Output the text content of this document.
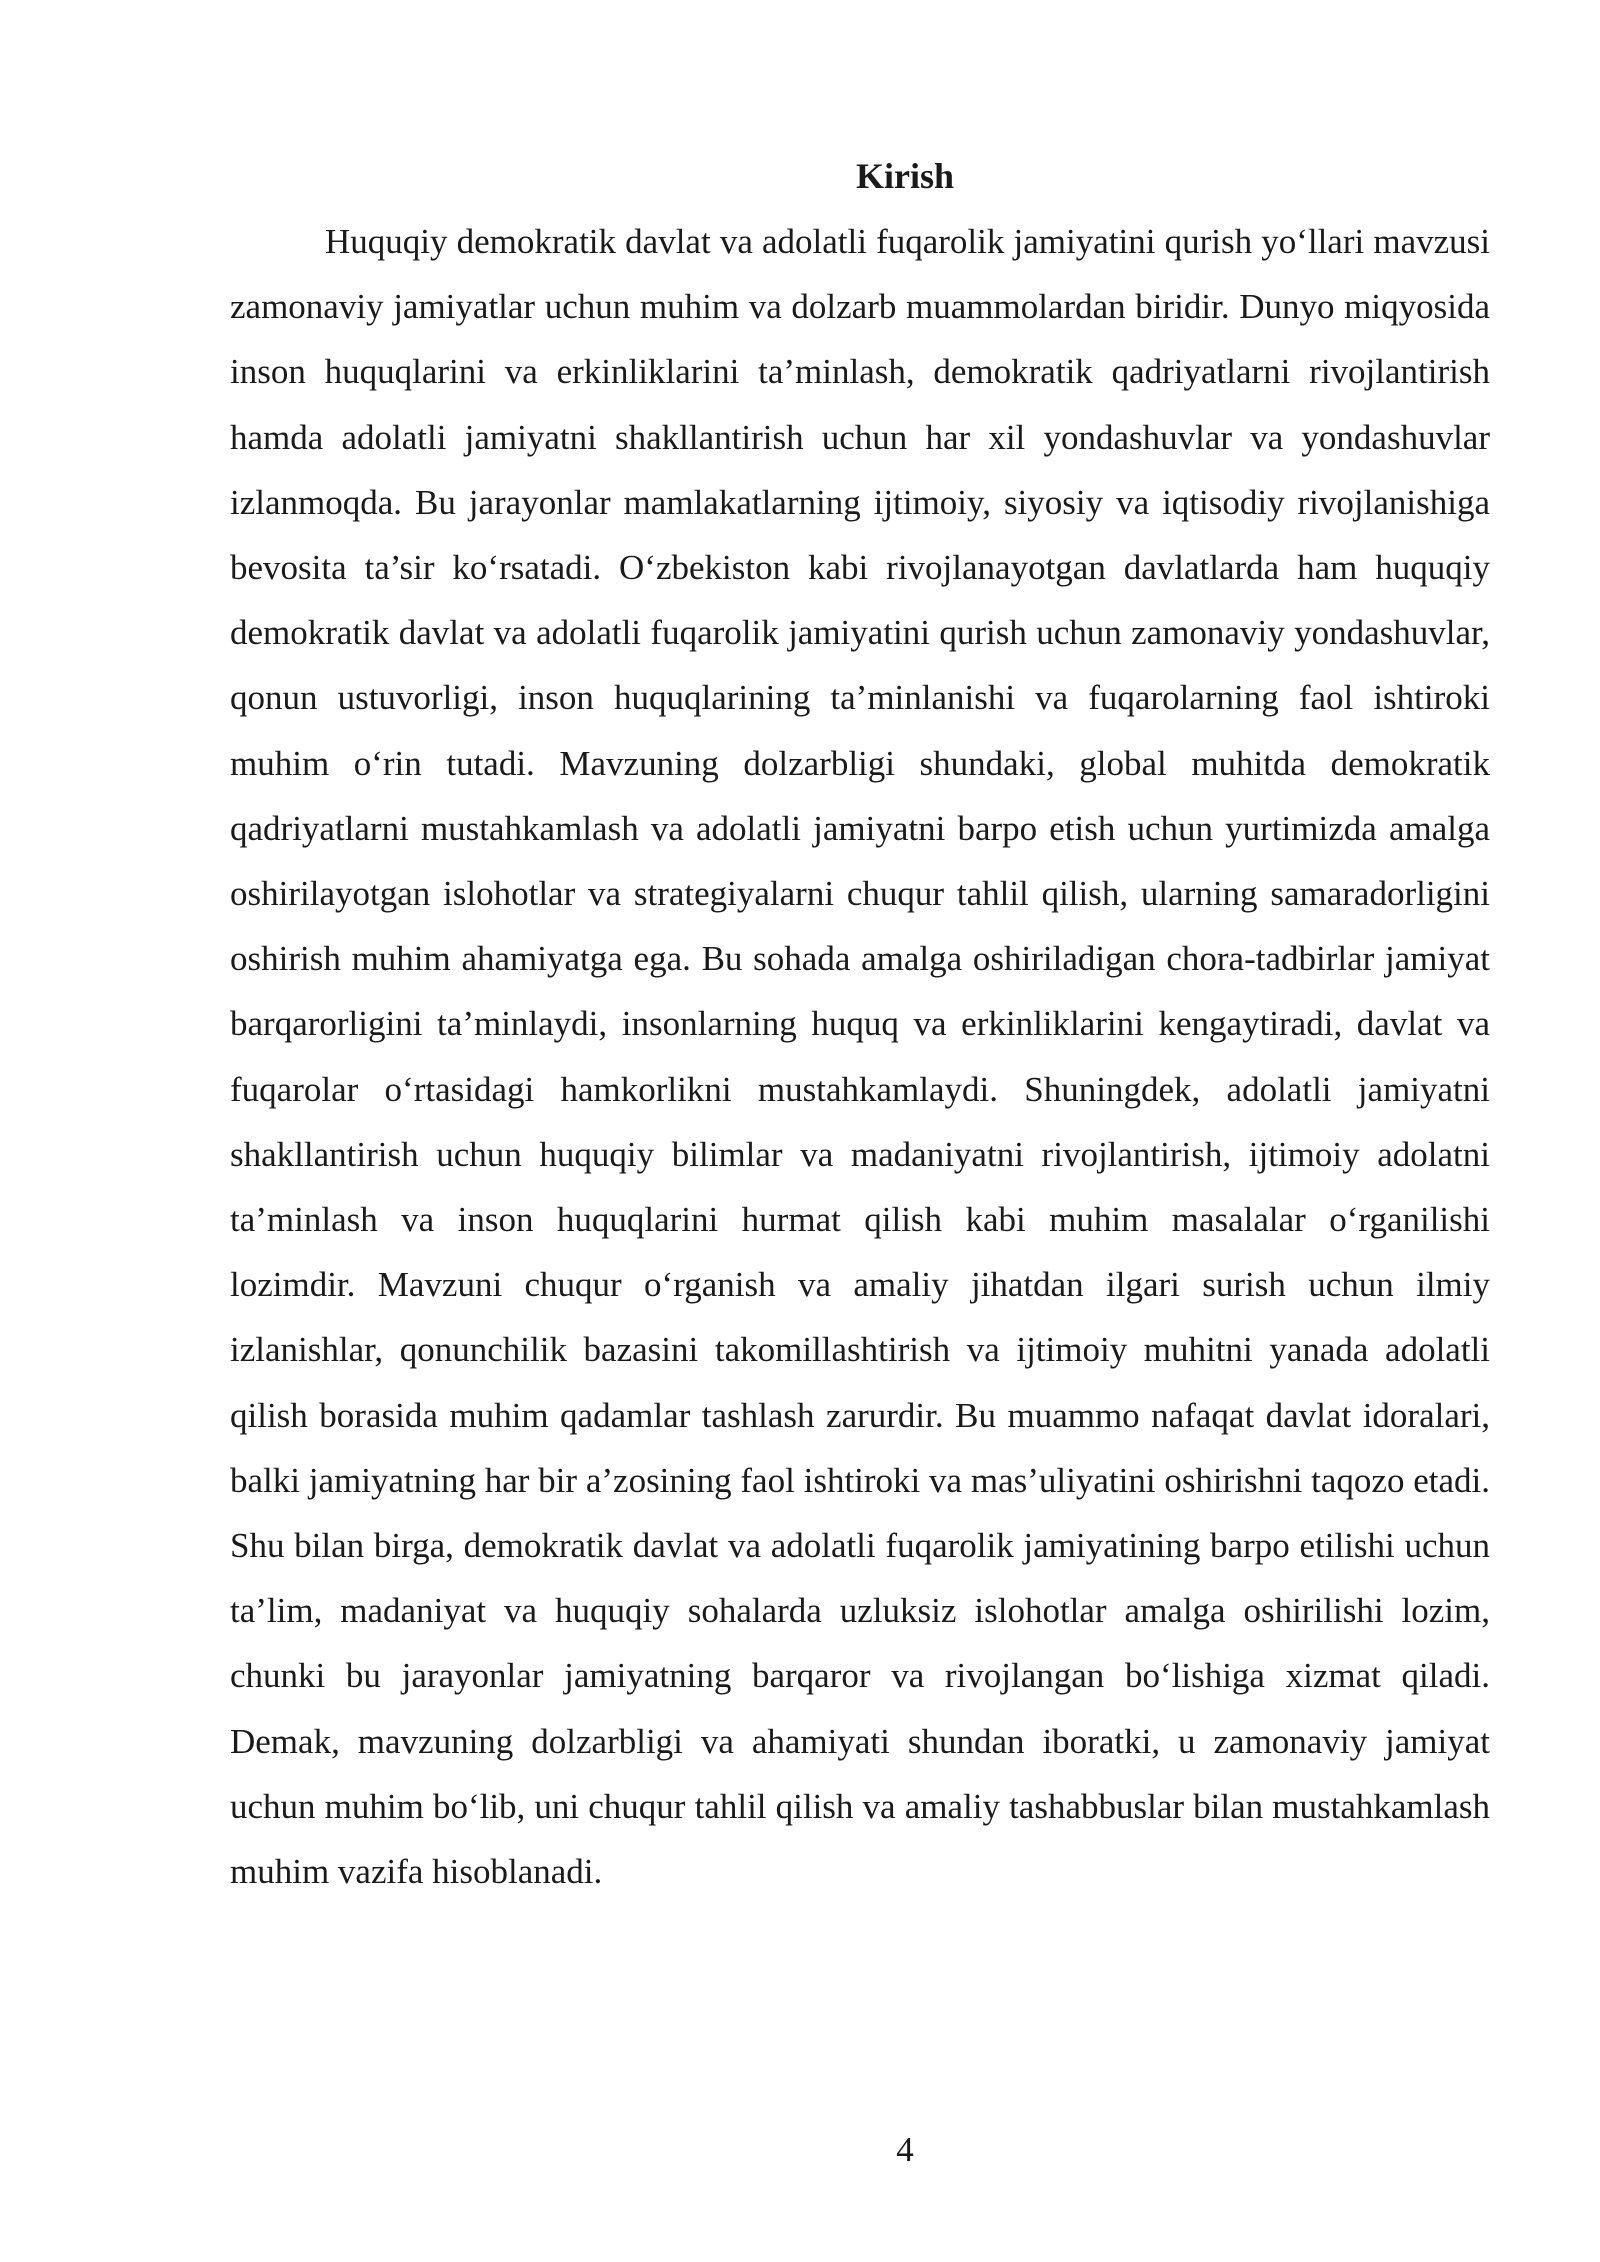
Kirish

Huquqiy demokratik davlat va adolatli fuqarolik jamiyatini qurish yo‘llari mavzusi zamonaviy jamiyatlar uchun muhim va dolzarb muammolardan biridir. Dunyo miqyosida inson huquqlarini va erkinliklarini ta’minlash, demokratik qadriyatlarni rivojlantirish hamda adolatli jamiyatni shakllantirish uchun har xil yondashuvlar va yondashuvlar izlanmoqda. Bu jarayonlar mamlakatlarning ijtimoiy, siyosiy va iqtisodiy rivojlanishiga bevosita ta’sir ko‘rsatadi. O‘zbekiston kabi rivojlanayotgan davlatlarda ham huquqiy demokratik davlat va adolatli fuqarolik jamiyatini qurish uchun zamonaviy yondashuvlar, qonun ustuvorligi, inson huquqlarining ta’minlanishi va fuqarolarning faol ishtiroki muhim o‘rin tutadi. Mavzuning dolzarbligi shundaki, global muhitda demokratik qadriyatlarni mustahkamlash va adolatli jamiyatni barpo etish uchun yurtimizda amalga oshirilayotgan islohotlar va strategiyalarni chuqur tahlil qilish, ularning samaradorligini oshirish muhim ahamiyatga ega. Bu sohada amalga oshiriladigan chora-tadbirlar jamiyat barqarorligini ta’minlaydi, insonlarning huquq va erkinliklarini kengaytiradi, davlat va fuqarolar o‘rtasidagi hamkorlikni mustahkamlaydi. Shuningdek, adolatli jamiyatni shakllantirish uchun huquqiy bilimlar va madaniyatni rivojlantirish, ijtimoiy adolatni ta’minlash va inson huquqlarini hurmat qilish kabi muhim masalalar o‘rganilishi lozimdir. Mavzuni chuqur o‘rganish va amaliy jihatdan ilgari surish uchun ilmiy izlanishlar, qonunchilik bazasini takomillashtirish va ijtimoiy muhitni yanada adolatli qilish borasida muhim qadamlar tashlash zarurdir. Bu muammo nafaqat davlat idoralari, balki jamiyatning har bir a’zosining faol ishtiroki va mas’uliyatini oshirishni taqozo etadi. Shu bilan birga, demokratik davlat va adolatli fuqarolik jamiyatining barpo etilishi uchun ta’lim, madaniyat va huquqiy sohalarda uzluksiz islohotlar amalga oshirilishi lozim, chunki bu jarayonlar jamiyatning barqaror va rivojlangan bo‘lishiga xizmat qiladi. Demak, mavzuning dolzarbligi va ahamiyati shundan iboratki, u zamonaviy jamiyat uchun muhim bo‘lib, uni chuqur tahlil qilish va amaliy tashabbuslar bilan mustahkamlash muhim vazifa hisoblanadi.

4
